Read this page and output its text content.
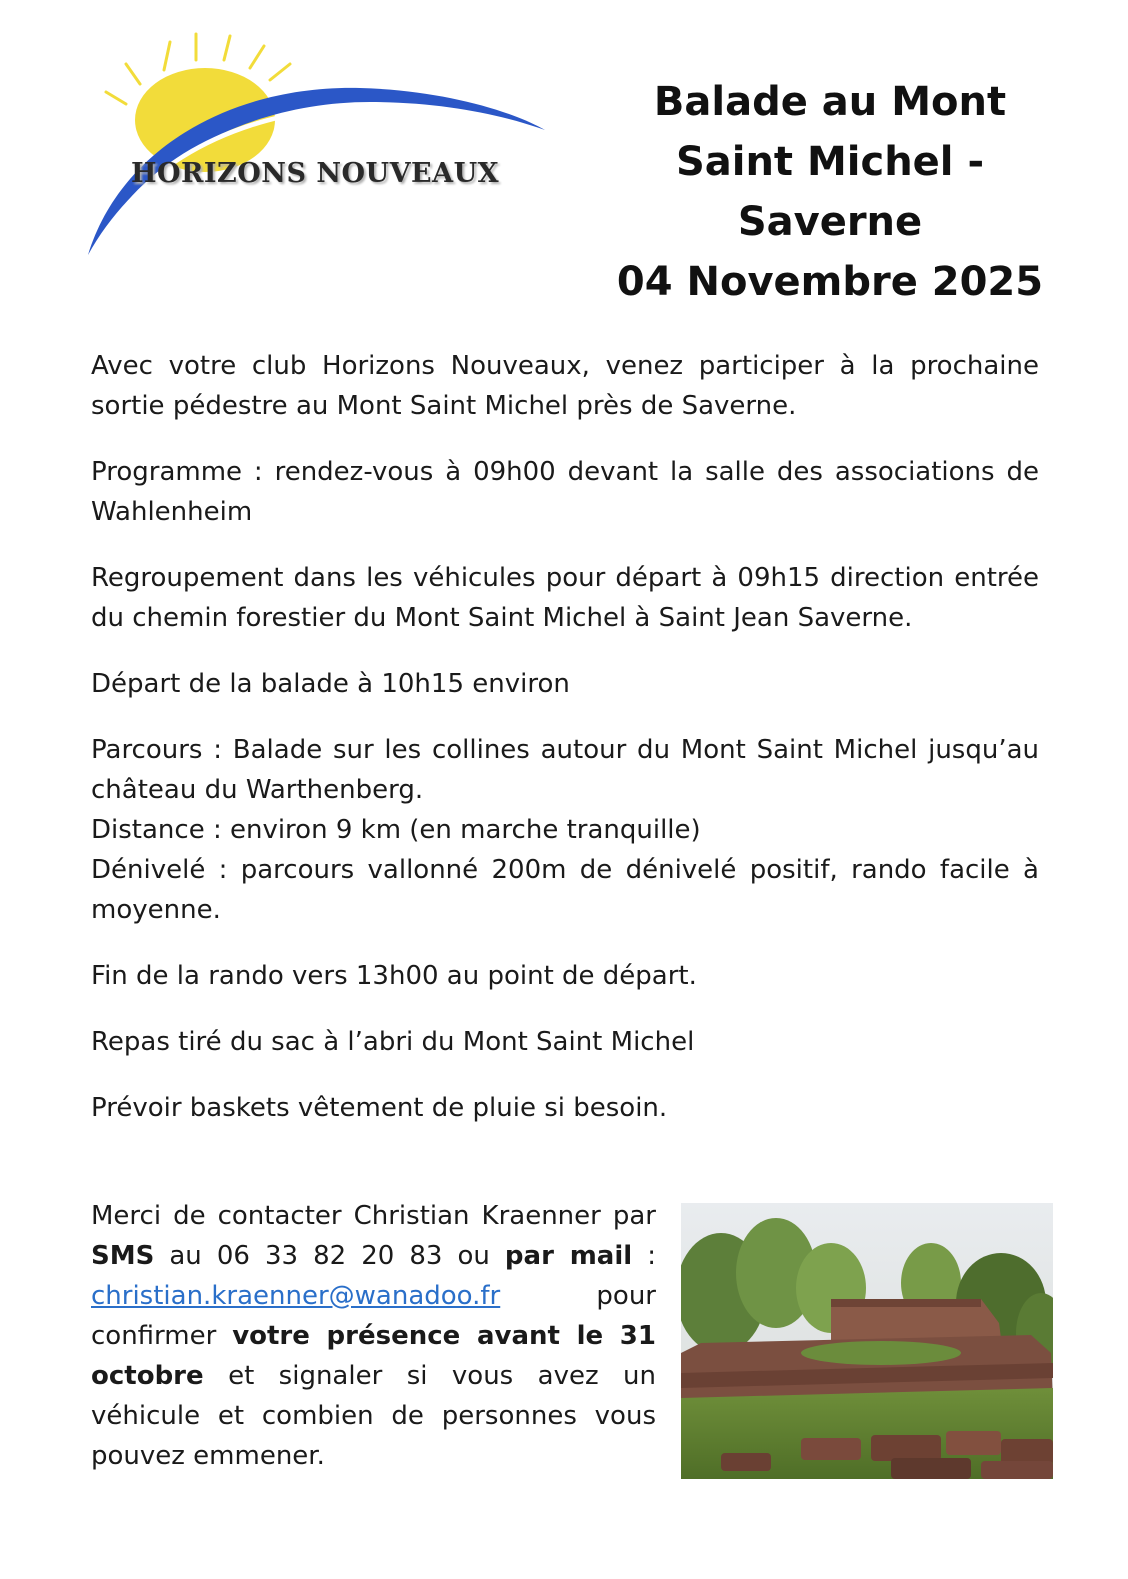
HORIZONS NOUVEAUX
Balade au Mont
Saint Michel -
Saverne
04 Novembre 2025

Avec votre club Horizons Nouveaux, venez participer à la prochaine sortie pédestre au Mont Saint Michel près de Saverne.

Programme : rendez-vous à 09h00 devant la salle des associations de Wahlenheim

Regroupement dans les véhicules pour départ à 09h15 direction entrée du chemin forestier du Mont Saint Michel à Saint Jean Saverne.

Départ de la balade à 10h15 environ

Parcours : Balade sur les collines autour du Mont Saint Michel jusqu’au château du Warthenberg.

Distance : environ 9 km (en marche tranquille)

Dénivelé : parcours vallonné 200m de dénivelé positif, rando facile à moyenne.

Fin de la rando vers 13h00 au point de départ.

Repas tiré du sac à l’abri du Mont Saint Michel

Prévoir baskets vêtement de pluie si besoin.

Merci de contacter Christian Kraenner par SMS au 06 33 82 20 83 ou par mail : christian.kraenner@wanadoo.fr pour confirmer votre présence avant le 31 octobre et signaler si vous avez un véhicule et combien de personnes vous pouvez emmener.
